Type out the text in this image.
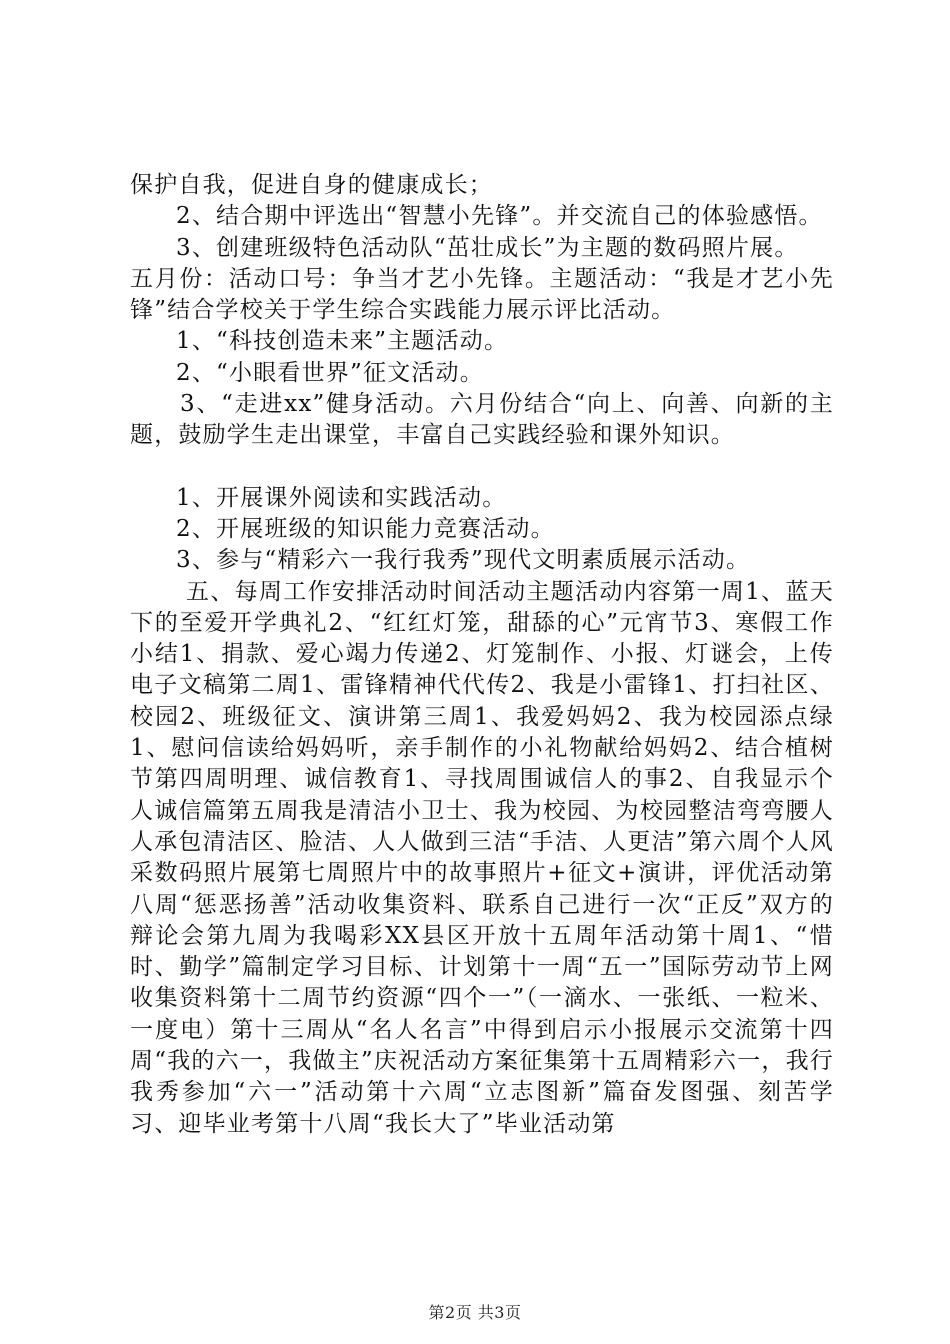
保护自我，促进自身的健康成长；

2、结合期中评选出“智慧小先锋”。并交流自己的体验感悟。

3、创建班级特色活动队“茁壮成长”为主题的数码照片展。

五月份：活动口号：争当才艺小先锋。主题活动：“我是才艺小先锋”结合学校关于学生综合实践能力展示评比活动。

1、“科技创造未来”主题活动。

2、“小眼看世界”征文活动。

3、“走进xx”健身活动。六月份结合“向上、向善、向新的主题，鼓励学生走出课堂，丰富自己实践经验和课外知识。

1、开展课外阅读和实践活动。

2、开展班级的知识能力竞赛活动。

3、参与“精彩六一我行我秀”现代文明素质展示活动。

五、每周工作安排活动时间活动主题活动内容第一周1、蓝天下的至爱开学典礼2、“红红灯笼，甜舔的心”元宵节3、寒假工作小结1、捐款、爱心竭力传递2、灯笼制作、小报、灯谜会，上传电子文稿第二周1、雷锋精神代代传2、我是小雷锋1、打扫社区、校园2、班级征文、演讲第三周1、我爱妈妈2、我为校园添点绿1、慰问信读给妈妈听，亲手制作的小礼物献给妈妈2、结合植树节第四周明理、诚信教育1、寻找周围诚信人的事2、自我显示个人诚信篇第五周我是清洁小卫士、我为校园、为校园整洁弯弯腰人人承包清洁区、脸洁、人人做到三洁“手洁、人更洁”第六周个人风采数码照片展第七周照片中的故事照片+征文+演讲，评优活动第八周“惩恶扬善”活动收集资料、联系自己进行一次“正反”双方的辩论会第九周为我喝彩XX县区开放十五周年活动第十周1、“惜时、勤学”篇制定学习目标、计划第十一周“五一”国际劳动节上网收集资料第十二周节约资源“四个一”（一滴水、一张纸、一粒米、一度电）第十三周从“名人名言”中得到启示小报展示交流第十四周“我的六一，我做主”庆祝活动方案征集第十五周精彩六一，我行我秀参加“六一”活动第十六周“立志图新”篇奋发图强、刻苦学习、迎毕业考第十八周“我长大了”毕业活动第

第2页 共3页
